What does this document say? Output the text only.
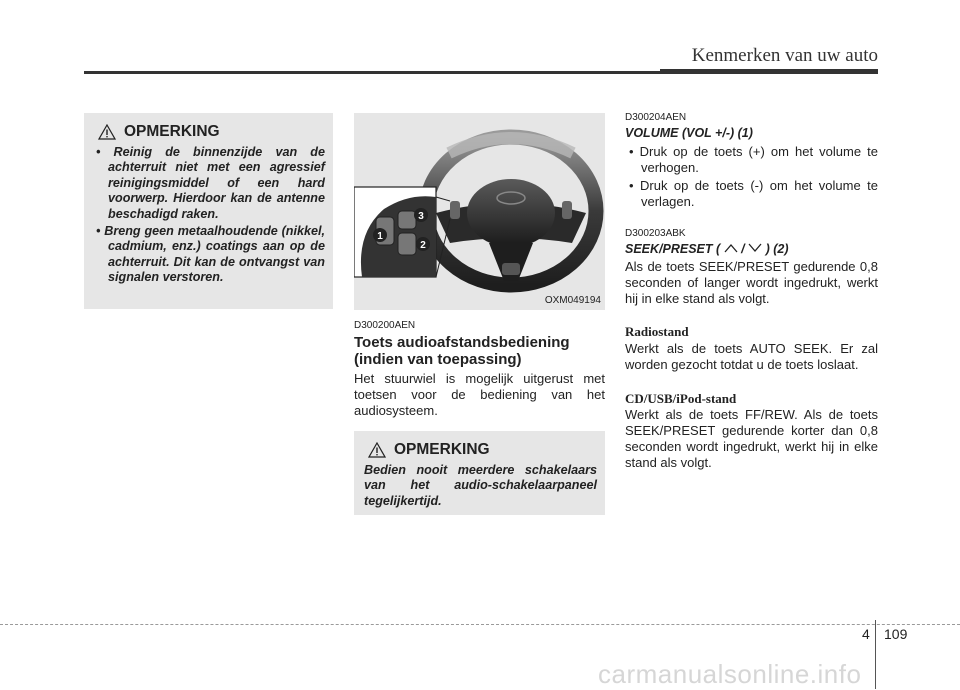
Kenmerken van uw auto
OPMERKING
• Reinig de binnenzijde van de achterruit niet met een agressief reinigingsmiddel of een hard voorwerp. Hierdoor kan de antenne beschadigd raken.
• Breng geen metaalhoudende (nikkel, cadmium, enz.) coatings aan op de achterruit. Dit kan de ontvangst van signalen verstoren.
1
2
3
OXM049194
D300200AEN
Toets audioafstandsbediening (indien van toepassing)

Het stuurwiel is mogelijk uitgerust met toetsen voor de bediening van het audiosysteem.

OPMERKING

Bedien nooit meerdere schakelaars van het audio-schakelaarpaneel tegelijkertijd.

D300204AEN
VOLUME (VOL +/-) (1)
• Druk op de toets (+) om het volume te verhogen.
• Druk op de toets (-) om het volume te verlagen.
D300203ABK
SEEK/PRESET ( / ) (2)

Als de toets SEEK/PRESET gedurende 0,8 seconden of langer wordt ingedrukt, werkt hij in elke stand als volgt.

Radiostand

Werkt als de toets AUTO SEEK. Er zal worden gezocht totdat u de toets loslaat.

CD/USB/iPod-stand

Werkt als de toets FF/REW. Als de toets SEEK/PRESET gedurende korter dan 0,8 seconden wordt ingedrukt, werkt hij in elke stand als volgt.

4 109
carmanualsonline.info
